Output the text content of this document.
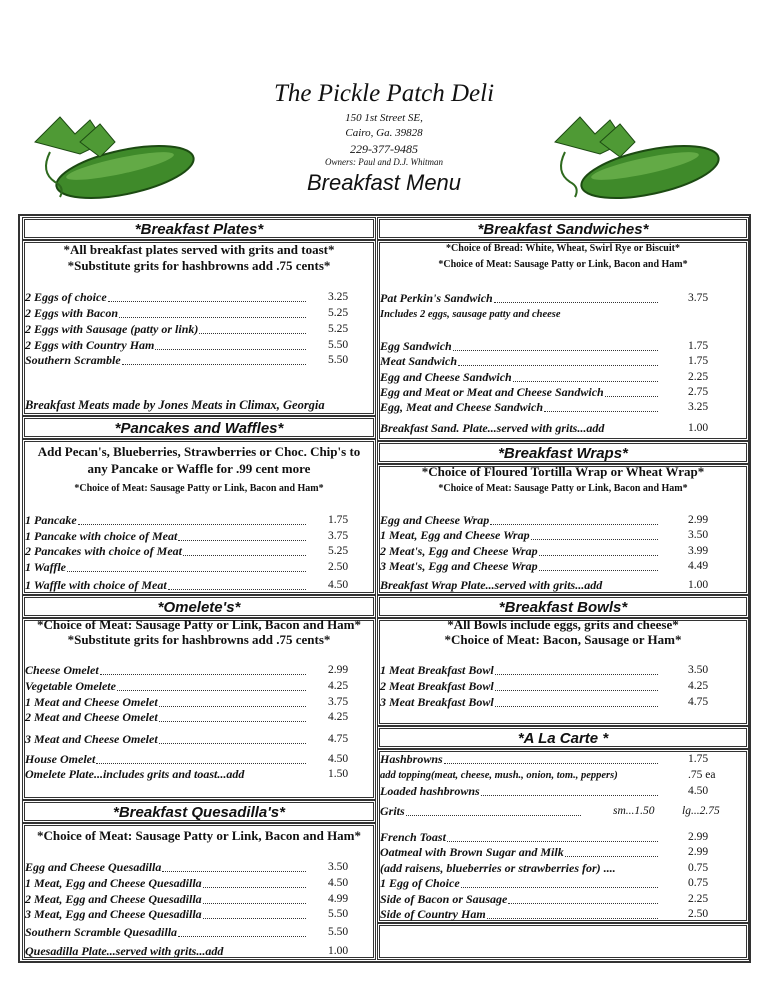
The Pickle Patch Deli
150 1st Street SE,
Cairo, Ga. 39828
229-377-9485
Owners: Paul and D.J. Whitman
Breakfast Menu
*Breakfast Plates*
*All breakfast plates served with grits and toast*
*Substitute grits for hashbrowns add .75 cents*
2 Eggs of choice	3.25
2 Eggs with Bacon	5.25
2 Eggs with Sausage (patty or link)	5.25
2 Eggs with Country Ham	5.50
Southern Scramble	5.50
Breakfast Meats made by Jones Meats in Climax, Georgia
*Pancakes and Waffles*
Add Pecan's, Blueberries, Strawberries or Choc. Chip's to
any Pancake or Waffle for .99 cent more
*Choice of Meat: Sausage Patty or Link, Bacon and Ham*
1 Pancake	1.75
1 Pancake with choice of Meat	3.75
2 Pancakes with choice of Meat	5.25
1 Waffle	2.50
1 Waffle with choice of Meat	4.50
*Omelete's*
*Choice of Meat: Sausage Patty or Link, Bacon and Ham*
*Substitute grits for hashbrowns add .75 cents*
Cheese Omelet	2.99
Vegetable Omelete	4.25
1 Meat and Cheese Omelet	3.75
2 Meat and Cheese Omelet	4.25
3 Meat and Cheese Omelet	4.75
House Omelet	4.50
Omelete Plate...includes grits and toast...add	1.50
*Breakfast Quesadilla's*
*Choice of Meat: Sausage Patty or Link, Bacon and Ham*
Egg and Cheese Quesadilla	3.50
1 Meat, Egg and Cheese Quesadilla	4.50
2 Meat, Egg and Cheese Quesadilla	4.99
3 Meat, Egg and Cheese Quesadilla	5.50
Southern Scramble Quesadilla	5.50
Quesadilla Plate...served with grits...add	1.00
*Breakfast Sandwiches*
*Choice of Bread: White, Wheat, Swirl Rye or Biscuit*
*Choice of Meat: Sausage Patty or Link, Bacon and Ham*
Pat Perkin's Sandwich	3.75
Includes 2 eggs, sausage patty and cheese
Egg Sandwich	1.75
Meat Sandwich	1.75
Egg and Cheese Sandwich	2.25
Egg and Meat or Meat and Cheese Sandwich	2.75
Egg, Meat and Cheese Sandwich	3.25
Breakfast Sand. Plate...served with grits...add	1.00
*Breakfast Wraps*
*Choice of Floured Tortilla Wrap or Wheat Wrap*
*Choice of Meat: Sausage Patty or Link, Bacon and Ham*
Egg and Cheese Wrap	2.99
1 Meat, Egg and Cheese Wrap	3.50
2 Meat's, Egg and Cheese Wrap	3.99
3 Meat's, Egg and Cheese Wrap	4.49
Breakfast Wrap Plate...served with grits...add	1.00
*Breakfast Bowls*
*All Bowls include eggs, grits and cheese*
*Choice of Meat: Bacon, Sausage or Ham*
1 Meat Breakfast Bowl	3.50
2 Meat Breakfast Bowl	4.25
3 Meat Breakfast Bowl	4.75
*A La Carte *
Hashbrowns	1.75
add topping(meat, cheese, mush., onion, tom., peppers)	.75 ea
Loaded hashbrowns	4.50
Grits	sm...1.50 lg...2.75
French Toast	2.99
Oatmeal with Brown Sugar and Milk	2.99
(add raisens, blueberries or strawberries for) ....	0.75
1 Egg of Choice	0.75
Side of Bacon or Sausage	2.25
Side of Country Ham	2.50
